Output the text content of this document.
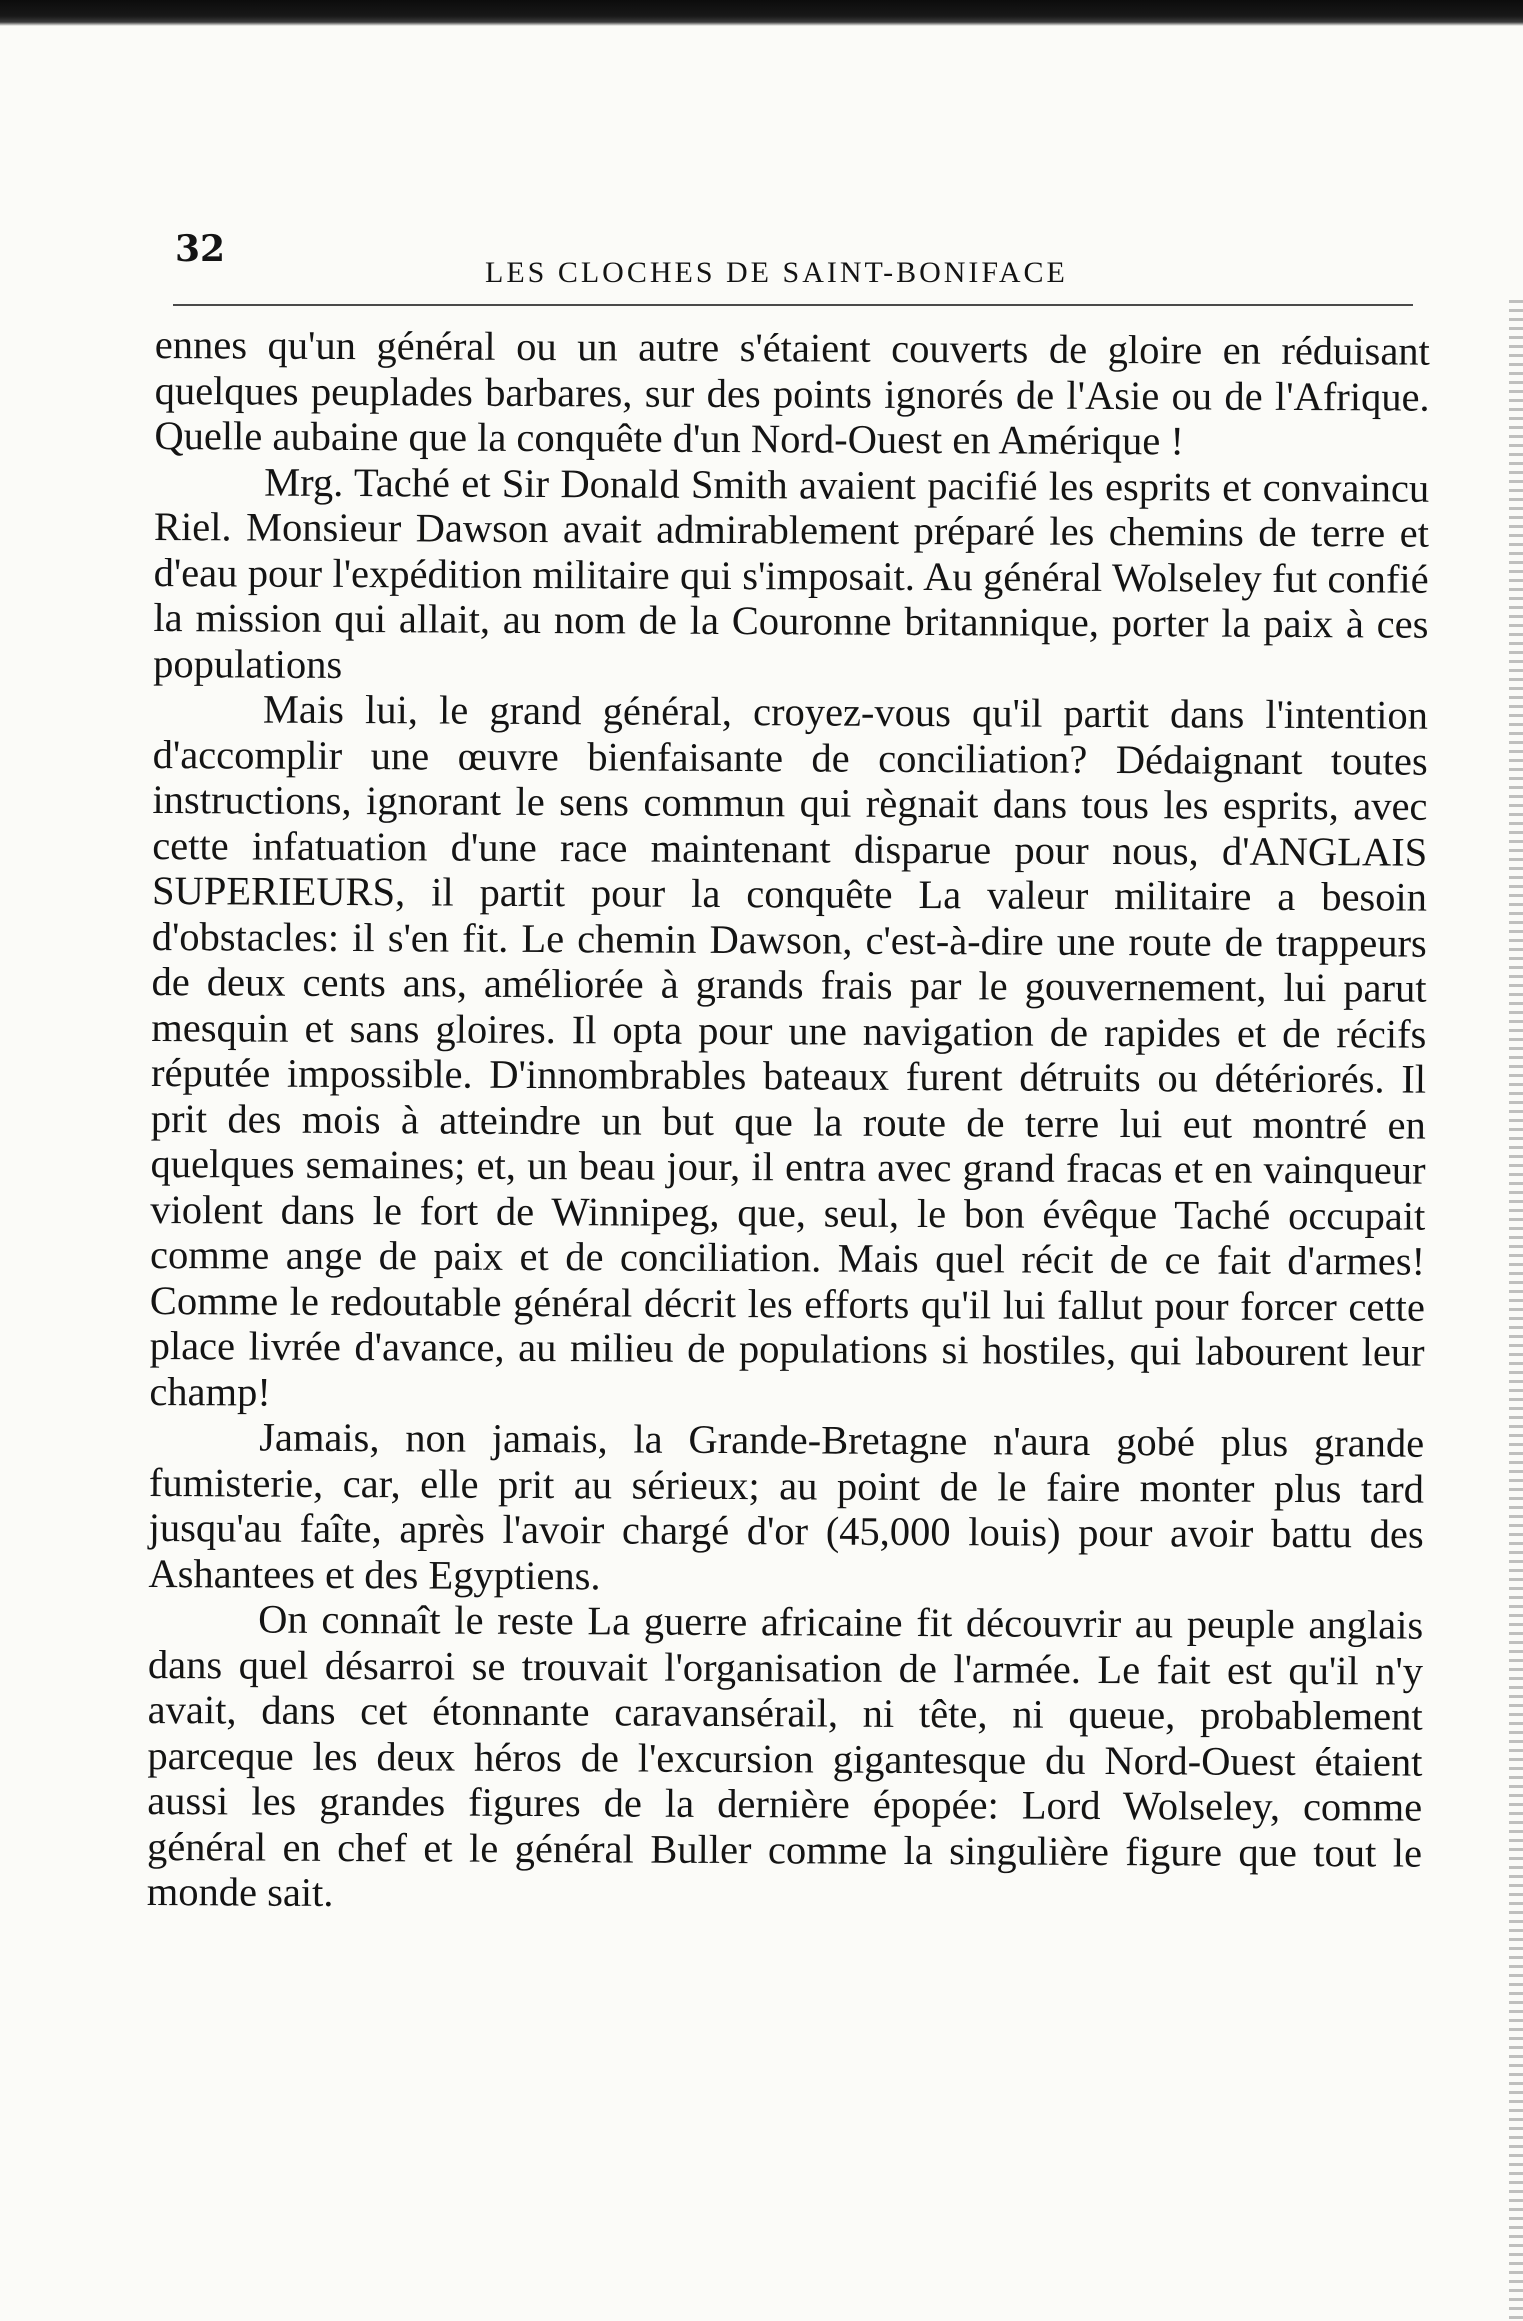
32
LES CLOCHES DE SAINT-BONIFACE

ennes qu'un général ou un autre s'étaient couverts de gloire en réduisant quelques peuplades barbares, sur des points ignorés de l'Asie ou de l'Afrique. Quelle aubaine que la conquête d'un Nord-Ouest en Amérique !

Mrg. Taché et Sir Donald Smith avaient pacifié les esprits et convaincu Riel. Monsieur Dawson avait admirablement préparé les chemins de terre et d'eau pour l'expédition militaire qui s'imposait. Au général Wolseley fut confié la mission qui allait, au nom de la Couronne britannique, porter la paix à ces populations

Mais lui, le grand général, croyez-vous qu'il partit dans l'intention d'accomplir une œuvre bienfaisante de conciliation? Dédaignant toutes instructions, ignorant le sens commun qui règnait dans tous les esprits, avec cette infatuation d'une race maintenant disparue pour nous, d'ANGLAIS SUPERIEURS, il partit pour la conquête La valeur militaire a besoin d'obstacles: il s'en fit. Le chemin Dawson, c'est-à-dire une route de trappeurs de deux cents ans, améliorée à grands frais par le gouvernement, lui parut mesquin et sans gloires. Il opta pour une navigation de rapides et de récifs réputée impossible. D'innombrables bateaux furent détruits ou détériorés. Il prit des mois à atteindre un but que la route de terre lui eut montré en quelques semaines; et, un beau jour, il entra avec grand fracas et en vainqueur violent dans le fort de Winnipeg, que, seul, le bon évêque Taché occupait comme ange de paix et de conciliation. Mais quel récit de ce fait d'armes! Comme le redoutable général décrit les efforts qu'il lui fallut pour forcer cette place livrée d'avance, au milieu de populations si hostiles, qui labourent leur champ!

Jamais, non jamais, la Grande-Bretagne n'aura gobé plus grande fumisterie, car, elle prit au sérieux; au point de le faire monter plus tard jusqu'au faîte, après l'avoir chargé d'or (45,000 louis) pour avoir battu des Ashantees et des Egyptiens.

On connaît le reste La guerre africaine fit découvrir au peuple anglais dans quel désarroi se trouvait l'organisation de l'armée. Le fait est qu'il n'y avait, dans cet étonnante caravansérail, ni tête, ni queue, probablement parceque les deux héros de l'excursion gigantesque du Nord-Ouest étaient aussi les grandes figures de la dernière épopée: Lord Wolseley, comme général en chef et le général Buller comme la singulière figure que tout le monde sait.
